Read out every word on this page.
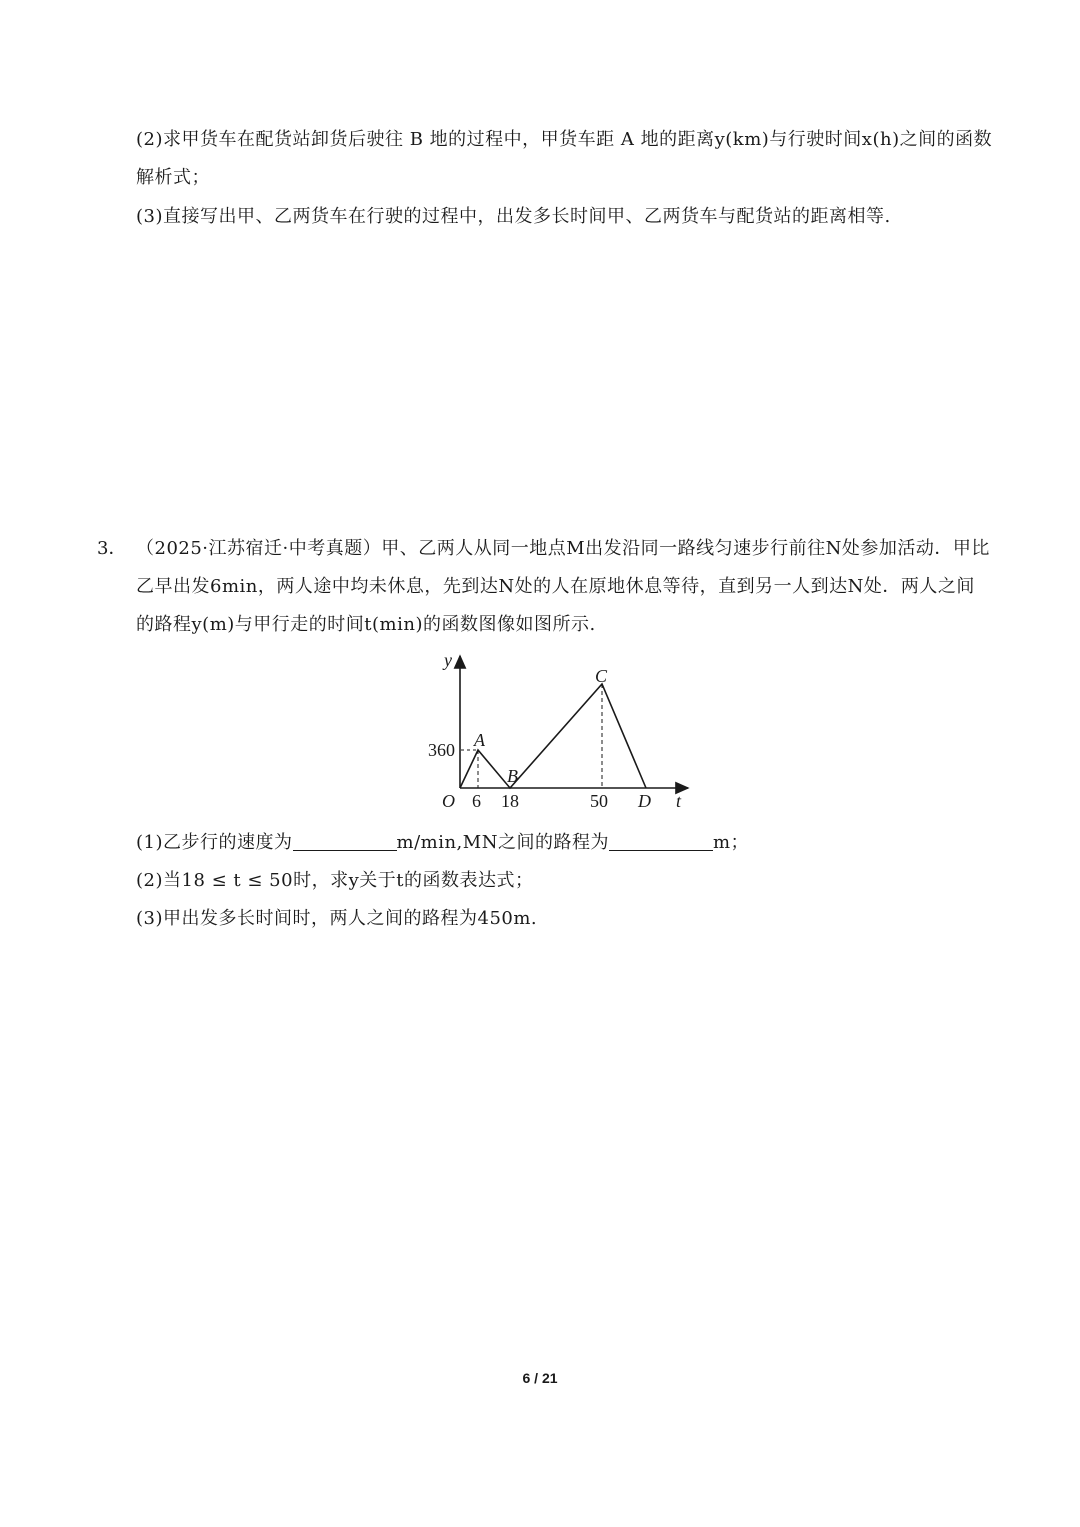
(2)求甲货车在配货站卸货后驶往 B 地的过程中，甲货车距 A 地的距离y(km)与行驶时间x(h)之间的函数
解析式；
(3)直接写出甲、乙两货车在行驶的过程中，出发多长时间甲、乙两货车与配货站的距离相等.
3． （2025·江苏宿迁·中考真题）甲、乙两人从同一地点M出发沿同一路线匀速步行前往N处参加活动．甲比
乙早出发6min，两人途中均未休息，先到达N处的人在原地休息等待，直到另一人到达N处．两人之间
的路程y(m)与甲行走的时间t(min)的函数图像如图所示.
y
t
O
360
6 18	50 D
A
B
C
(1)乙步行的速度为	m/min,MN之间的路程为	m；
(2)当18 ≤ t ≤ 50时，求y关于t的函数表达式；
(3)甲出发多长时间时，两人之间的路程为450m.
6 / 21
